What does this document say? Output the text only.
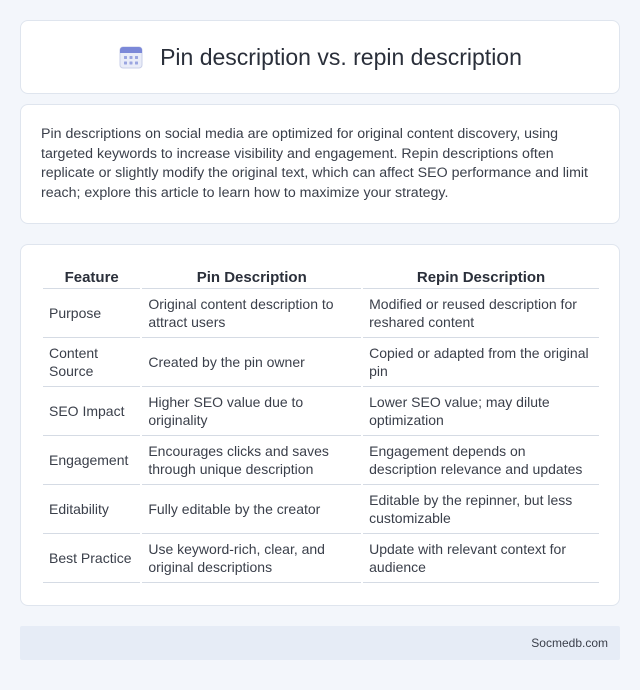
Pin description vs. repin description

Pin descriptions on social media are optimized for original content discovery, using targeted keywords to increase visibility and engagement. Repin descriptions often replicate or slightly modify the original text, which can affect SEO performance and limit reach; explore this article to learn how to maximize your strategy.

Feature	Pin Description	Repin Description
Purpose	Original content description to attract users	Modified or reused description for reshared content
Content Source	Created by the pin owner	Copied or adapted from the original pin
SEO Impact	Higher SEO value due to originality	Lower SEO value; may dilute optimization
Engagement	Encourages clicks and saves through unique description	Engagement depends on description relevance and updates
Editability	Fully editable by the creator	Editable by the repinner, but less customizable
Best Practice	Use keyword-rich, clear, and original descriptions	Update with relevant context for audience
Socmedb.com
